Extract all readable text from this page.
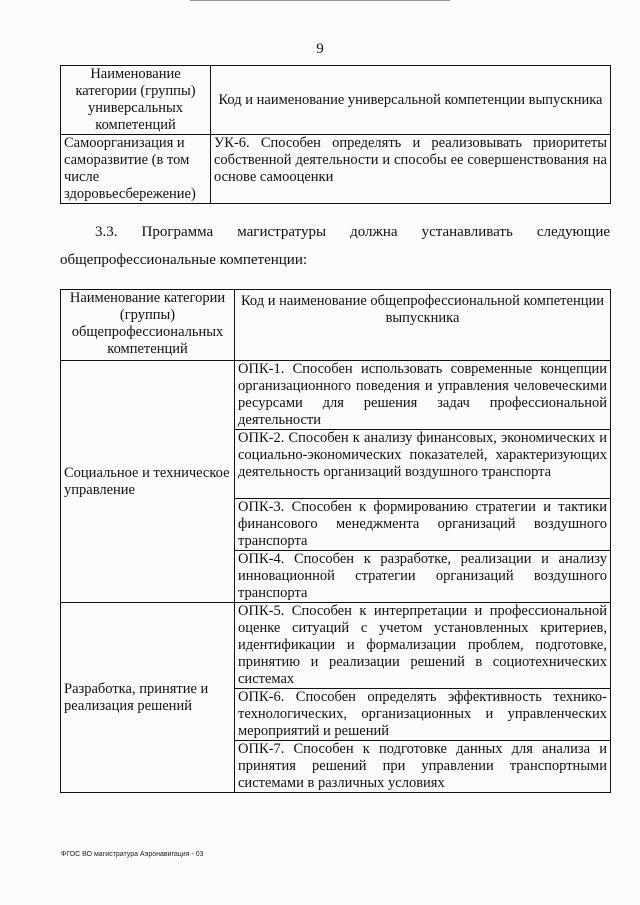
9
Наименование категории (группы) универсальных компетенций	Код и наименование универсальной компетенции выпускника
Самоорганизация и саморазвитие (в том числе здоровьесбережение)	УК-6. Способен определять и реализовывать приоритеты собственной деятельности и способы ее совершенствования на основе самооценки
3.3. Программа магистратуры должна устанавливать следующие
общепрофессиональные компетенции:
Наименование категории (группы) общепрофессиональных компетенций	Код и наименование общепрофессиональной компетенции выпускника
Социальное и техническое управление	ОПК-1. Способен использовать современные концепции организационного поведения и управления человеческими ресурсами для решения задач профессиональной деятельности
	ОПК-2. Способен к анализу финансовых, экономических и социально-экономических показателей, характеризующих деятельность организаций воздушного транспорта
	ОПК-3. Способен к формированию стратегии и тактики финансового менеджмента организаций воздушного транспорта
	ОПК-4. Способен к разработке, реализации и анализу инновационной стратегии организаций воздушного транспорта
Разработка, принятие и реализация решений	ОПК-5. Способен к интерпретации и профессиональной оценке ситуаций с учетом установленных критериев, идентификации и формализации проблем, подготовке, принятию и реализации решений в социотехнических системах
	ОПК-6. Способен определять эффективность технико-технологических, организационных и управленческих мероприятий и решений
	ОПК-7. Способен к подготовке данных для анализа и принятия решений при управлении транспортными системами в различных условиях
ФГОС ВО магистратура Аэронавигация - 03
